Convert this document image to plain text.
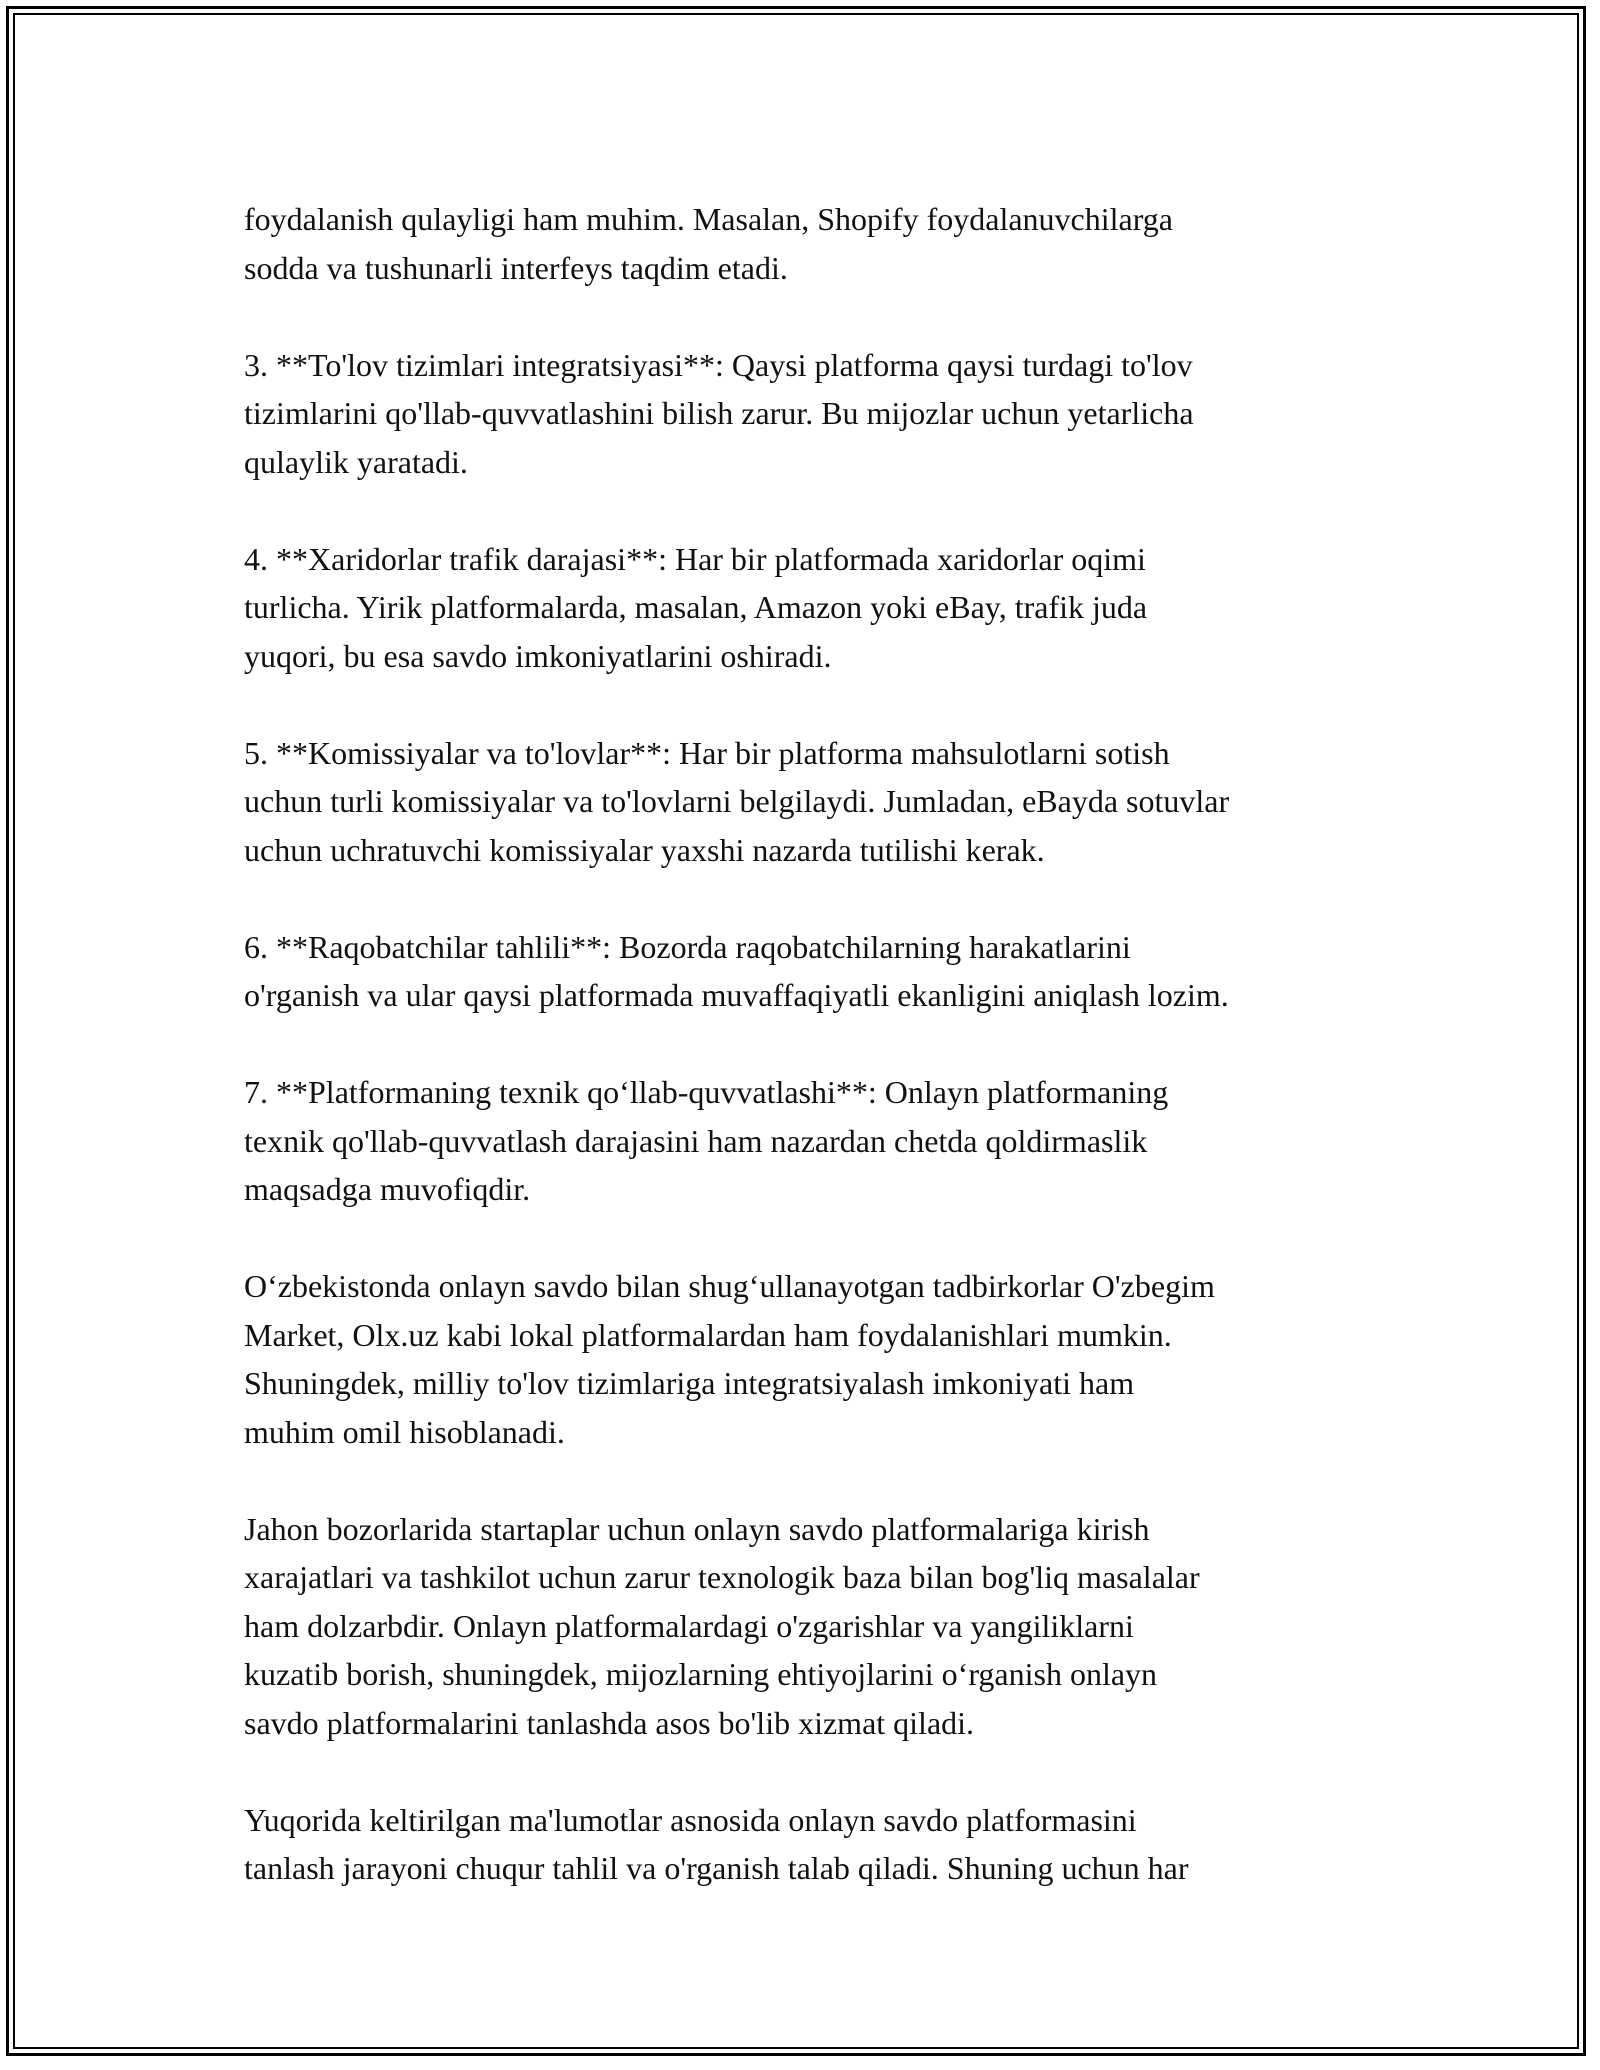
foydalanish qulayligi ham muhim. Masalan, Shopify foydalanuvchilarga
sodda va tushunarli interfeys taqdim etadi.

3. **To'lov tizimlari integratsiyasi**: Qaysi platforma qaysi turdagi to'lov
tizimlarini qo'llab-quvvatlashini bilish zarur. Bu mijozlar uchun yetarlicha
qulaylik yaratadi.

4. **Xaridorlar trafik darajasi**: Har bir platformada xaridorlar oqimi
turlicha. Yirik platformalarda, masalan, Amazon yoki eBay, trafik juda
yuqori, bu esa savdo imkoniyatlarini oshiradi.

5. **Komissiyalar va to'lovlar**: Har bir platforma mahsulotlarni sotish
uchun turli komissiyalar va to'lovlarni belgilaydi. Jumladan, eBayda sotuvlar
uchun uchratuvchi komissiyalar yaxshi nazarda tutilishi kerak.

6. **Raqobatchilar tahlili**: Bozorda raqobatchilarning harakatlarini
o'rganish va ular qaysi platformada muvaffaqiyatli ekanligini aniqlash lozim.

7. **Platformaning texnik qo‘llab-quvvatlashi**: Onlayn platformaning
texnik qo'llab-quvvatlash darajasini ham nazardan chetda qoldirmaslik
maqsadga muvofiqdir.

O‘zbekistonda onlayn savdo bilan shug‘ullanayotgan tadbirkorlar O'zbegim
Market, Olx.uz kabi lokal platformalardan ham foydalanishlari mumkin.
Shuningdek, milliy to'lov tizimlariga integratsiyalash imkoniyati ham
muhim omil hisoblanadi.

Jahon bozorlarida startaplar uchun onlayn savdo platformalariga kirish
xarajatlari va tashkilot uchun zarur texnologik baza bilan bog'liq masalalar
ham dolzarbdir. Onlayn platformalardagi o'zgarishlar va yangiliklarni
kuzatib borish, shuningdek, mijozlarning ehtiyojlarini o‘rganish onlayn
savdo platformalarini tanlashda asos bo'lib xizmat qiladi.

Yuqorida keltirilgan ma'lumotlar asnosida onlayn savdo platformasini
tanlash jarayoni chuqur tahlil va o'rganish talab qiladi. Shuning uchun har
